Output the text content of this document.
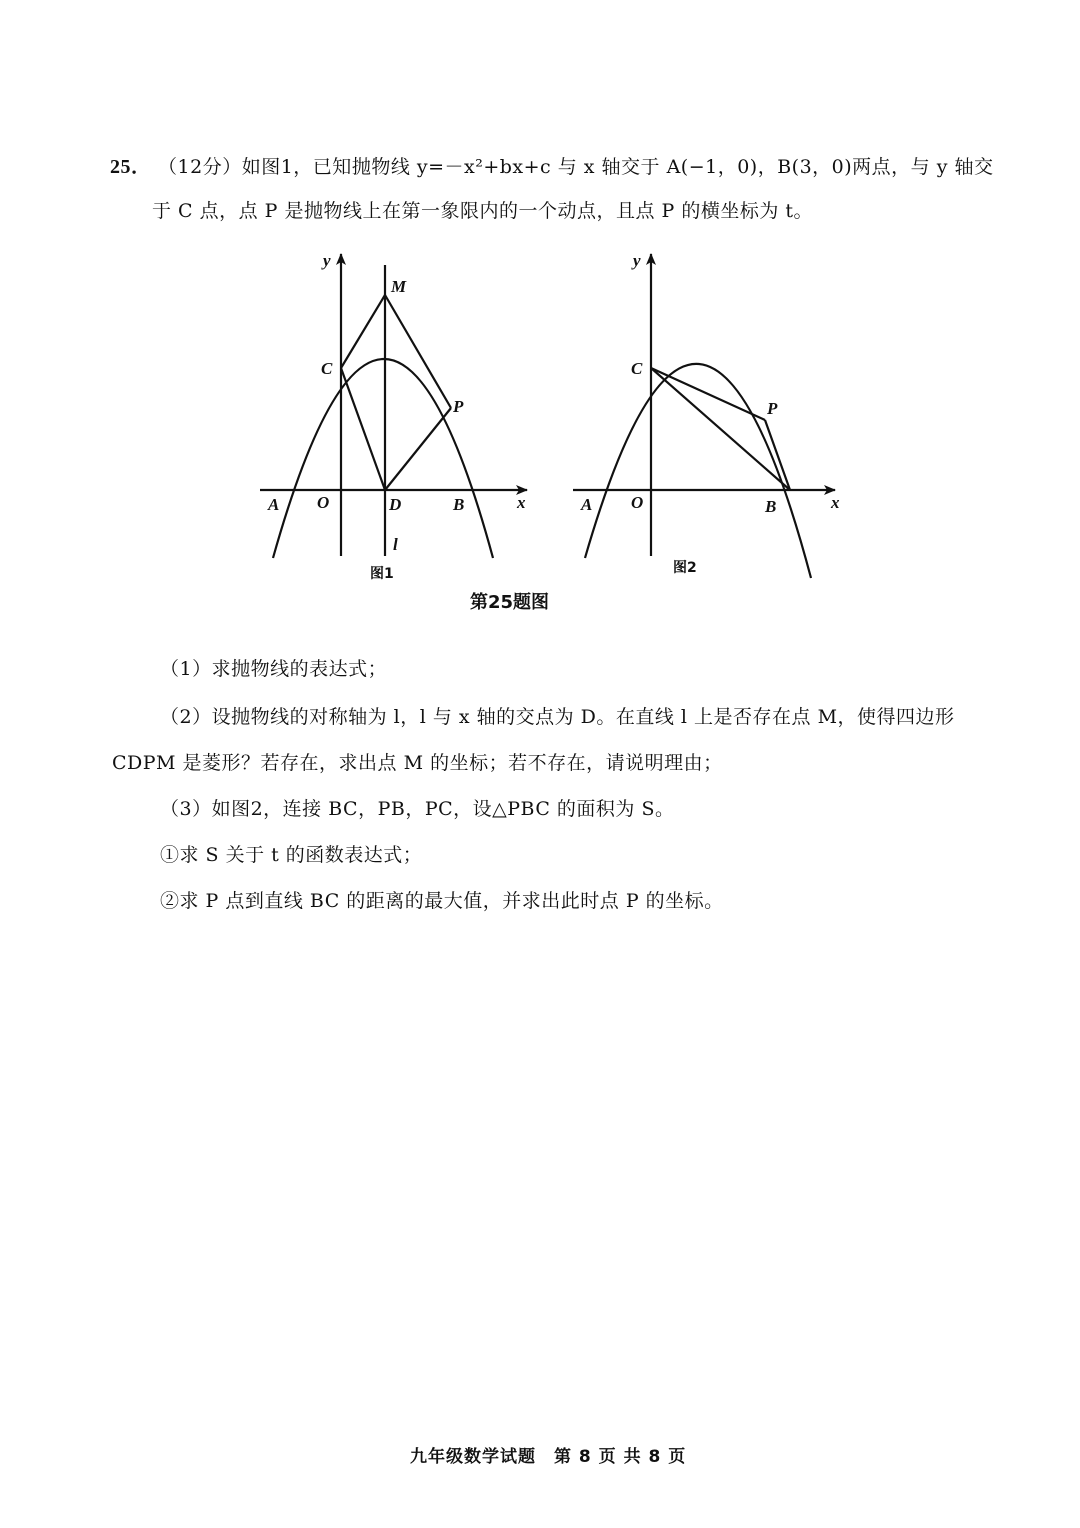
25． （12分）如图1，已知抛物线 y=－x²+bx+c 与 x 轴交于 A(−1，0)，B(3，0)两点，与 y 轴交
于 C 点，点 P 是抛物线上在第一象限内的一个动点，且点 P 的横坐标为 t。
y
x
M
C
P
A O	D	B
l
图1
y
x
C
P
A O	B
图2
第25题图
（1）求抛物线的表达式；
（2）设抛物线的对称轴为 l，l 与 x 轴的交点为 D。在直线 l 上是否存在点 M，使得四边形
CDPM 是菱形？若存在，求出点 M 的坐标；若不存在，请说明理由；
（3）如图2，连接 BC，PB，PC，设△PBC 的面积为 S。
①求 S 关于 t 的函数表达式；
②求 P 点到直线 BC 的距离的最大值，并求出此时点 P 的坐标。
九年级数学试题　第 8 页 共 8 页
